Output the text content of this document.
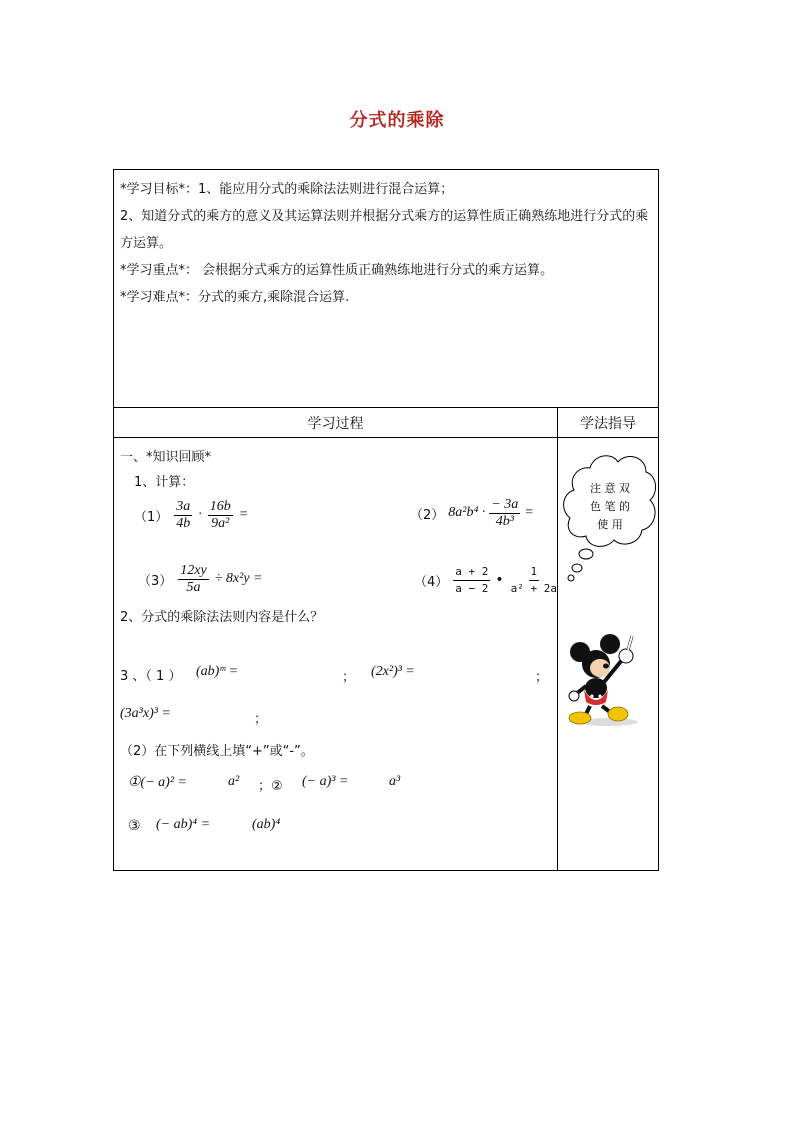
分式的乘除

*学习目标*：1、能应用分式的乘除法法则进行混合运算；

2、知道分式的乘方的意义及其运算法则并根据分式乘方的运算性质正确熟练地进行分式的乘方运算。

*学习重点*： 会根据分式乘方的运算性质正确熟练地进行分式的乘方运算。

*学习难点*：分式的乘方,乘除混合运算.

学习过程	学法指导
一、*知识回顾*
1、计算：
$(1) \frac{3a}{4b} \cdot \frac{16b}{\text{9a²}}$ =	（2） $8a^2b^4 \cdot \frac{- 3a}{\text{4b³}}$ =
$(3) \frac{12xy}{5a} \div 8x^2y$ =	$(4) \frac{a + 2}{a - 2}$ • $\frac{1}{\text{a² + 2a}}$
2、分式的乘除法法则内容是什么？
3 、（ 1 ） (ab)ᵐ =	； (2x²)³ =	；
(3a³x)³ =	；
（2）在下列横线上填“+”或“-”。
①(− a)² =	a² ；② (− a)³ =	a³
③ (− ab)⁴ =	(ab)⁴
注 意 双
色 笔 的
使 用
